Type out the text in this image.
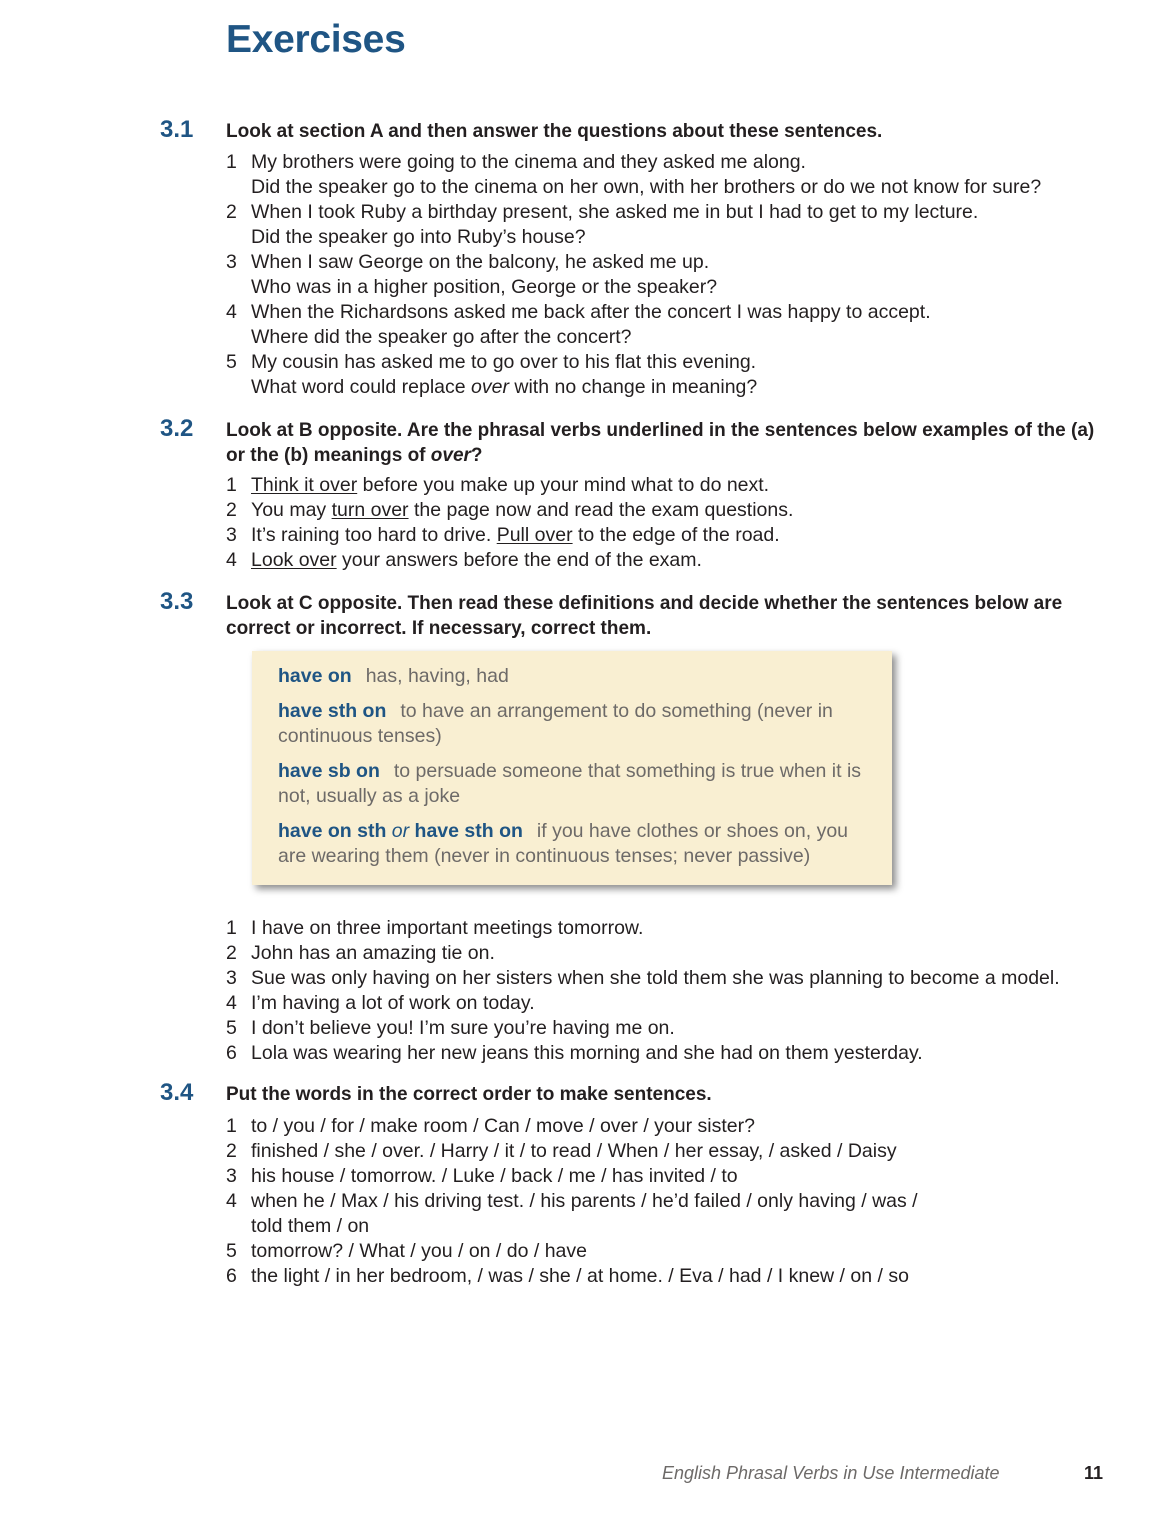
Exercises
3.1 Look at section A and then answer the questions about these sentences.
1 My brothers were going to the cinema and they asked me along.
Did the speaker go to the cinema on her own, with her brothers or do we not know for sure?
2 When I took Ruby a birthday present, she asked me in but I had to get to my lecture.
Did the speaker go into Ruby’s house?
3 When I saw George on the balcony, he asked me up.
Who was in a higher position, George or the speaker?
4 When the Richardsons asked me back after the concert I was happy to accept.
Where did the speaker go after the concert?
5 My cousin has asked me to go over to his flat this evening.
What word could replace over with no change in meaning?
3.2 Look at B opposite. Are the phrasal verbs underlined in the sentences below examples of the (a) or the (b) meanings of over?
1 Think it over before you make up your mind what to do next.
2 You may turn over the page now and read the exam questions.
3 It’s raining too hard to drive. Pull over to the edge of the road.
4 Look over your answers before the end of the exam.
3.3 Look at C opposite. Then read these definitions and decide whether the sentences below are correct or incorrect. If necessary, correct them.
have on has, having, had
have sth on to have an arrangement to do something (never in continuous tenses)
have sb on to persuade someone that something is true when it is not, usually as a joke
have on sth or have sth on if you have clothes or shoes on, you are wearing them (never in continuous tenses; never passive)
1 I have on three important meetings tomorrow.
2 John has an amazing tie on.
3 Sue was only having on her sisters when she told them she was planning to become a model.
4 I’m having a lot of work on today.
5 I don’t believe you! I’m sure you’re having me on.
6 Lola was wearing her new jeans this morning and she had on them yesterday.
3.4 Put the words in the correct order to make sentences.
1 to / you / for / make room / Can / move / over / your sister?
2 finished / she / over. / Harry / it / to read / When / her essay, / asked / Daisy
3 his house / tomorrow. / Luke / back / me / has invited / to
4 when he / Max / his driving test. / his parents / he’d failed / only having / was /
told them / on
5 tomorrow? / What / you / on / do / have
6 the light / in her bedroom, / was / she / at home. / Eva / had / I knew / on / so
English Phrasal Verbs in Use Intermediate	11
